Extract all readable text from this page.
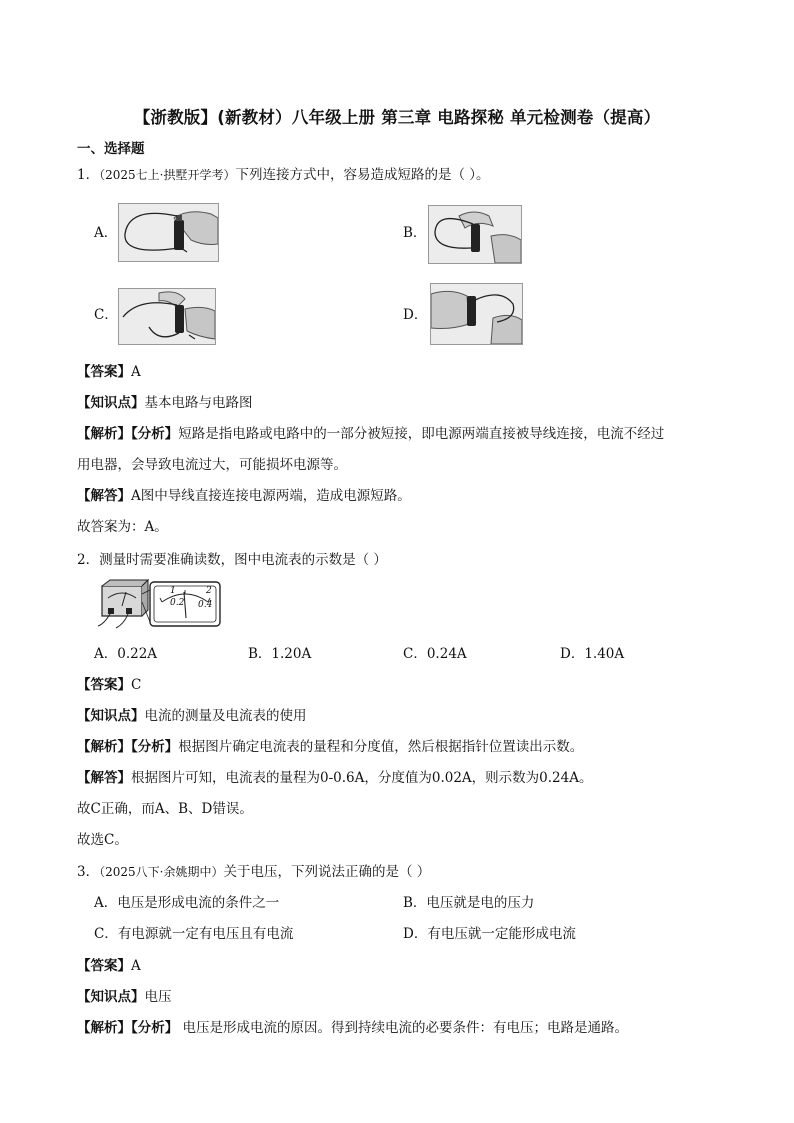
【浙教版】(新教材）八年级上册 第三章 电路探秘 单元检测卷（提高）
一、选择题
1．（2025七上·拱墅开学考）下列连接方式中，容易造成短路的是（ ）。
A．	B．
C．	D．
【答案】A
【知识点】基本电路与电路图
【解析】【分析】短路是指电路或电路中的一部分被短接，即电源两端直接被导线连接，电流不经过
用电器，会导致电流过大，可能损坏电源等。
【解答】A图中导线直接连接电源两端，造成电源短路。
故答案为：A。
2．测量时需要准确读数，图中电流表的示数是（ ）
0.2 0.4
1	2
A．0.22A	B．1.20A	C．0.24A	D．1.40A
【答案】C
【知识点】电流的测量及电流表的使用
【解析】【分析】根据图片确定电流表的量程和分度值，然后根据指针位置读出示数。
【解答】根据图片可知，电流表的量程为0-0.6A，分度值为0.02A，则示数为0.24A。
故C正确，而A、B、D错误。
故选C。
3．（2025八下·余姚期中）关于电压，下列说法正确的是（ ）
A．电压是形成电流的条件之一	B．电压就是电的压力
C．有电源就一定有电压且有电流	D．有电压就一定能形成电流
【答案】A
【知识点】电压
【解析】【分析】 电压是形成电流的原因。得到持续电流的必要条件：有电压；电路是通路。
